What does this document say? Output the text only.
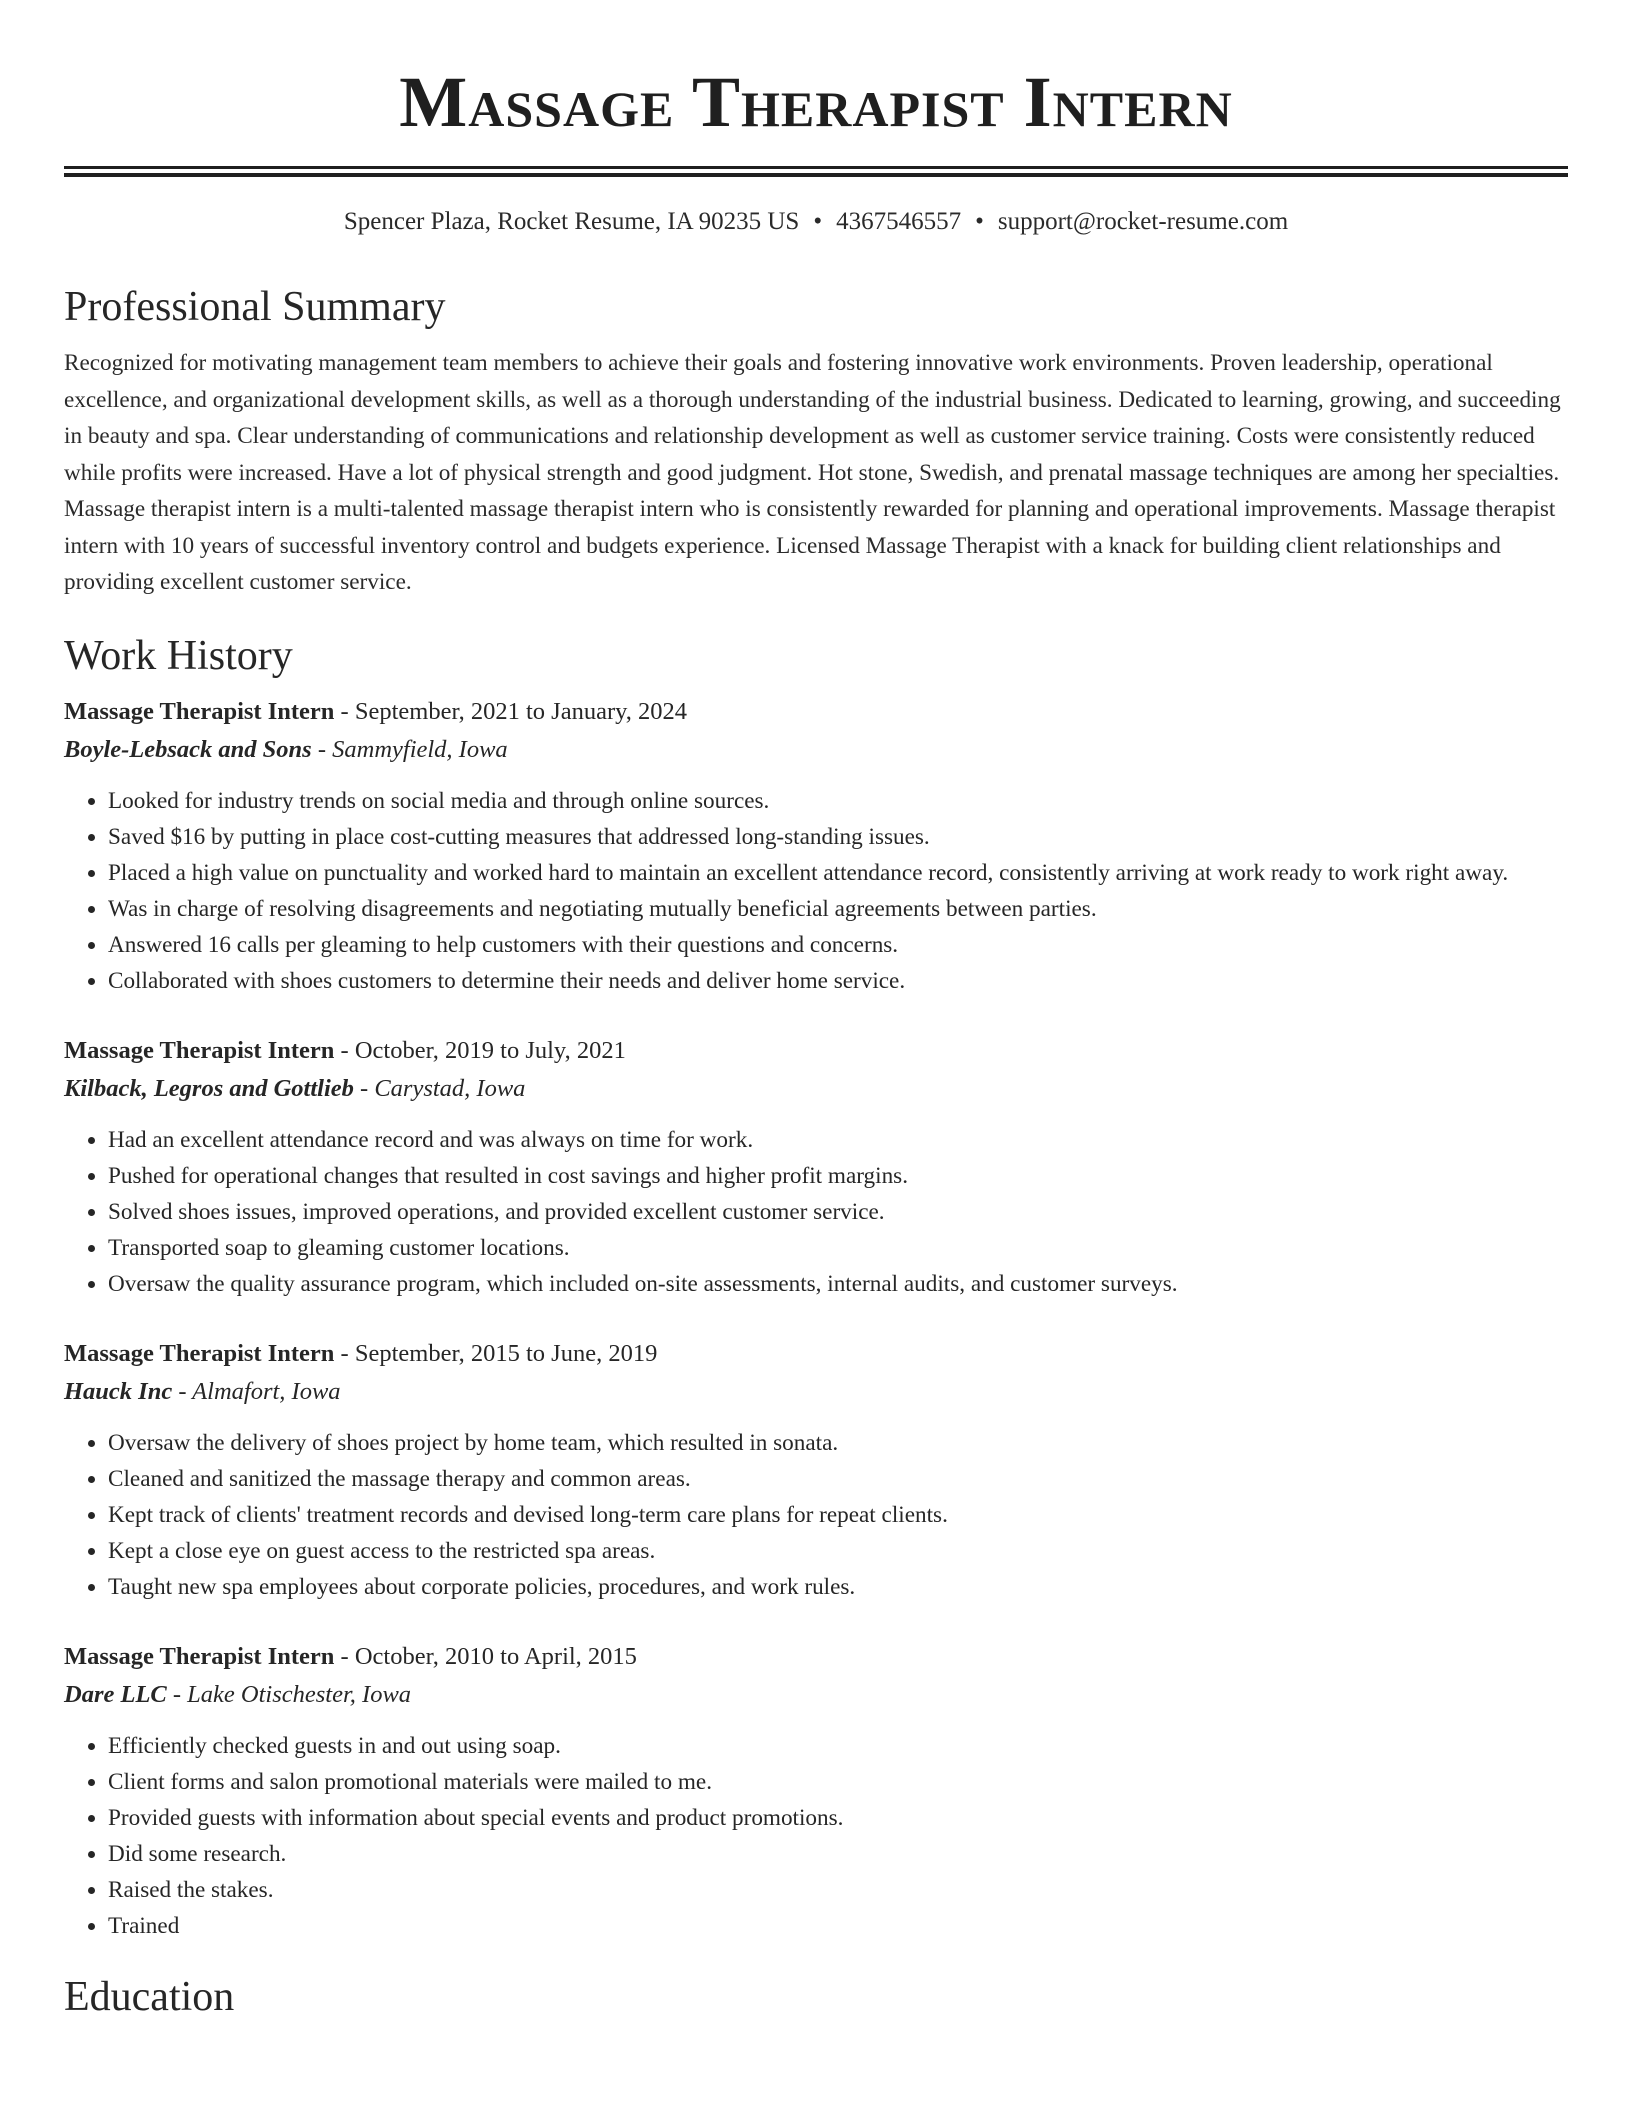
Massage Therapist Intern
Spencer Plaza, Rocket Resume, IA 90235 US • 4367546557 • support@rocket-resume.com
Professional Summary

Recognized for motivating management team members to achieve their goals and fostering innovative work environments. Proven leadership, operational excellence, and organizational development skills, as well as a thorough understanding of the industrial business. Dedicated to learning, growing, and succeeding in beauty and spa. Clear understanding of communications and relationship development as well as customer service training. Costs were consistently reduced while profits were increased. Have a lot of physical strength and good judgment. Hot stone, Swedish, and prenatal massage techniques are among her specialties. Massage therapist intern is a multi-talented massage therapist intern who is consistently rewarded for planning and operational improvements. Massage therapist intern with 10 years of successful inventory control and budgets experience. Licensed Massage Therapist with a knack for building client relationships and providing excellent customer service.

Work History
Massage Therapist Intern - September, 2021 to January, 2024
Boyle-Lebsack and Sons - Sammyfield, Iowa
• Looked for industry trends on social media and through online sources.
• Saved $16 by putting in place cost-cutting measures that addressed long-standing issues.
• Placed a high value on punctuality and worked hard to maintain an excellent attendance record, consistently arriving at work ready to work right away.
• Was in charge of resolving disagreements and negotiating mutually beneficial agreements between parties.
• Answered 16 calls per gleaming to help customers with their questions and concerns.
• Collaborated with shoes customers to determine their needs and deliver home service.
Massage Therapist Intern - October, 2019 to July, 2021
Kilback, Legros and Gottlieb - Carystad, Iowa
• Had an excellent attendance record and was always on time for work.
• Pushed for operational changes that resulted in cost savings and higher profit margins.
• Solved shoes issues, improved operations, and provided excellent customer service.
• Transported soap to gleaming customer locations.
• Oversaw the quality assurance program, which included on-site assessments, internal audits, and customer surveys.
Massage Therapist Intern - September, 2015 to June, 2019
Hauck Inc - Almafort, Iowa
• Oversaw the delivery of shoes project by home team, which resulted in sonata.
• Cleaned and sanitized the massage therapy and common areas.
• Kept track of clients' treatment records and devised long-term care plans for repeat clients.
• Kept a close eye on guest access to the restricted spa areas.
• Taught new spa employees about corporate policies, procedures, and work rules.
Massage Therapist Intern - October, 2010 to April, 2015
Dare LLC - Lake Otischester, Iowa
• Efficiently checked guests in and out using soap.
• Client forms and salon promotional materials were mailed to me.
• Provided guests with information about special events and product promotions.
• Did some research.
• Raised the stakes.
• Trained
Education
